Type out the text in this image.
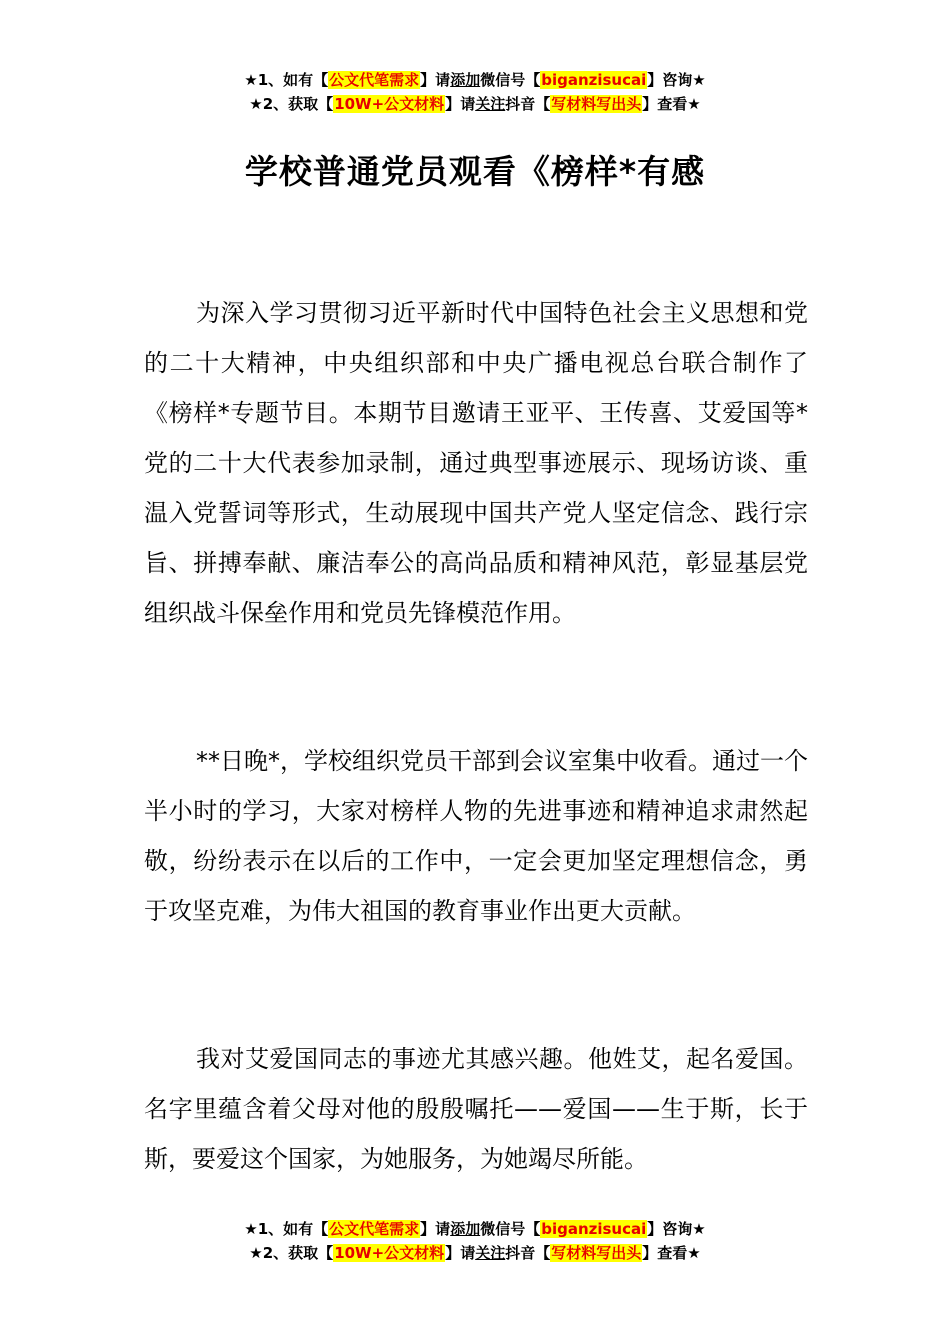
★1、如有【公文代笔需求】请添加微信号【biganzisucai】咨询★
★2、获取【10W+公文材料】请关注抖音【写材料写出头】查看★
学校普通党员观看《榜样*有感

为深入学习贯彻习近平新时代中国特色社会主义思想和党的二十大精神，中央组织部和中央广播电视总台联合制作了《榜样*专题节目。本期节目邀请王亚平、王传喜、艾爱国等*党的二十大代表参加录制，通过典型事迹展示、现场访谈、重温入党誓词等形式，生动展现中国共产党人坚定信念、践行宗旨、拼搏奉献、廉洁奉公的高尚品质和精神风范，彰显基层党组织战斗保垒作用和党员先锋模范作用。

**日晚*，学校组织党员干部到会议室集中收看。通过一个半小时的学习，大家对榜样人物的先进事迹和精神追求肃然起敬，纷纷表示在以后的工作中，一定会更加坚定理想信念，勇于攻坚克难，为伟大祖国的教育事业作出更大贡献。

我对艾爱国同志的事迹尤其感兴趣。他姓艾，起名爱国。名字里蕴含着父母对他的殷殷嘱托——爱国——生于斯，长于斯，要爱这个国家，为她服务，为她竭尽所能。

★1、如有【公文代笔需求】请添加微信号【biganzisucai】咨询★
★2、获取【10W+公文材料】请关注抖音【写材料写出头】查看★
